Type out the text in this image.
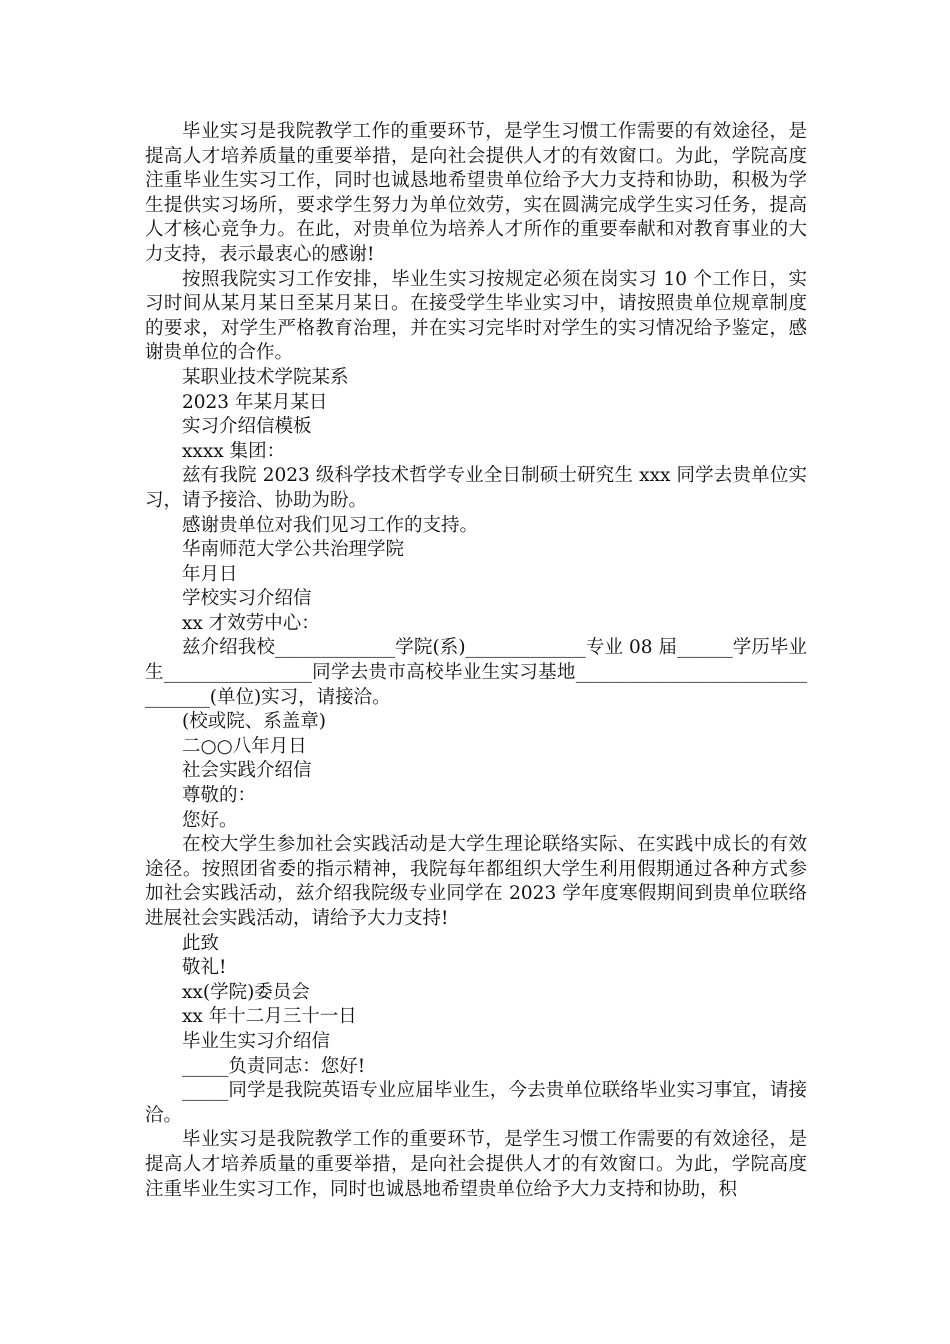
毕业实习是我院教学工作的重要环节，是学生习惯工作需要的有效途径，是提高人才培养质量的重要举措，是向社会提供人才的有效窗口。为此，学院高度注重毕业生实习工作，同时也诚恳地希望贵单位给予大力支持和协助，积极为学生提供实习场所，要求学生努力为单位效劳，实在圆满完成学生实习任务，提高人才核心竞争力。在此，对贵单位为培养人才所作的重要奉献和对教育事业的大力支持，表示最衷心的感谢!

按照我院实习工作安排，毕业生实习按规定必须在岗实习 10 个工作日，实习时间从某月某日至某月某日。在接受学生毕业实习中，请按照贵单位规章制度的要求，对学生严格教育治理，并在实习完毕时对学生的实习情况给予鉴定，感谢贵单位的合作。

某职业技术学院某系

2023 年某月某日

实习介绍信模板

xxxx 集团：

兹有我院 2023 级科学技术哲学专业全日制硕士研究生 xxx 同学去贵单位实习，请予接洽、协助为盼。

感谢贵单位对我们见习工作的支持。

华南师范大学公共治理学院

年月日

学校实习介绍信

xx 才效劳中心：

兹介绍我校_____________学院(系)_____________专业 08 届______学历毕业生________________同学去贵市高校毕业生实习基地________________________________(单位)实习，请接洽。

(校或院、系盖章)

二○○八年月日

社会实践介绍信

尊敬的：

您好。

在校大学生参加社会实践活动是大学生理论联络实际、在实践中成长的有效途径。按照团省委的指示精神，我院每年都组织大学生利用假期通过各种方式参加社会实践活动，兹介绍我院级专业同学在 2023 学年度寒假期间到贵单位联络进展社会实践活动，请给予大力支持!

此致

敬礼!

xx(学院)委员会

xx 年十二月三十一日

毕业生实习介绍信

_____负责同志：您好!

_____同学是我院英语专业应届毕业生，今去贵单位联络毕业实习事宜，请接洽。

毕业实习是我院教学工作的重要环节，是学生习惯工作需要的有效途径，是提高人才培养质量的重要举措，是向社会提供人才的有效窗口。为此，学院高度注重毕业生实习工作，同时也诚恳地希望贵单位给予大力支持和协助，积
